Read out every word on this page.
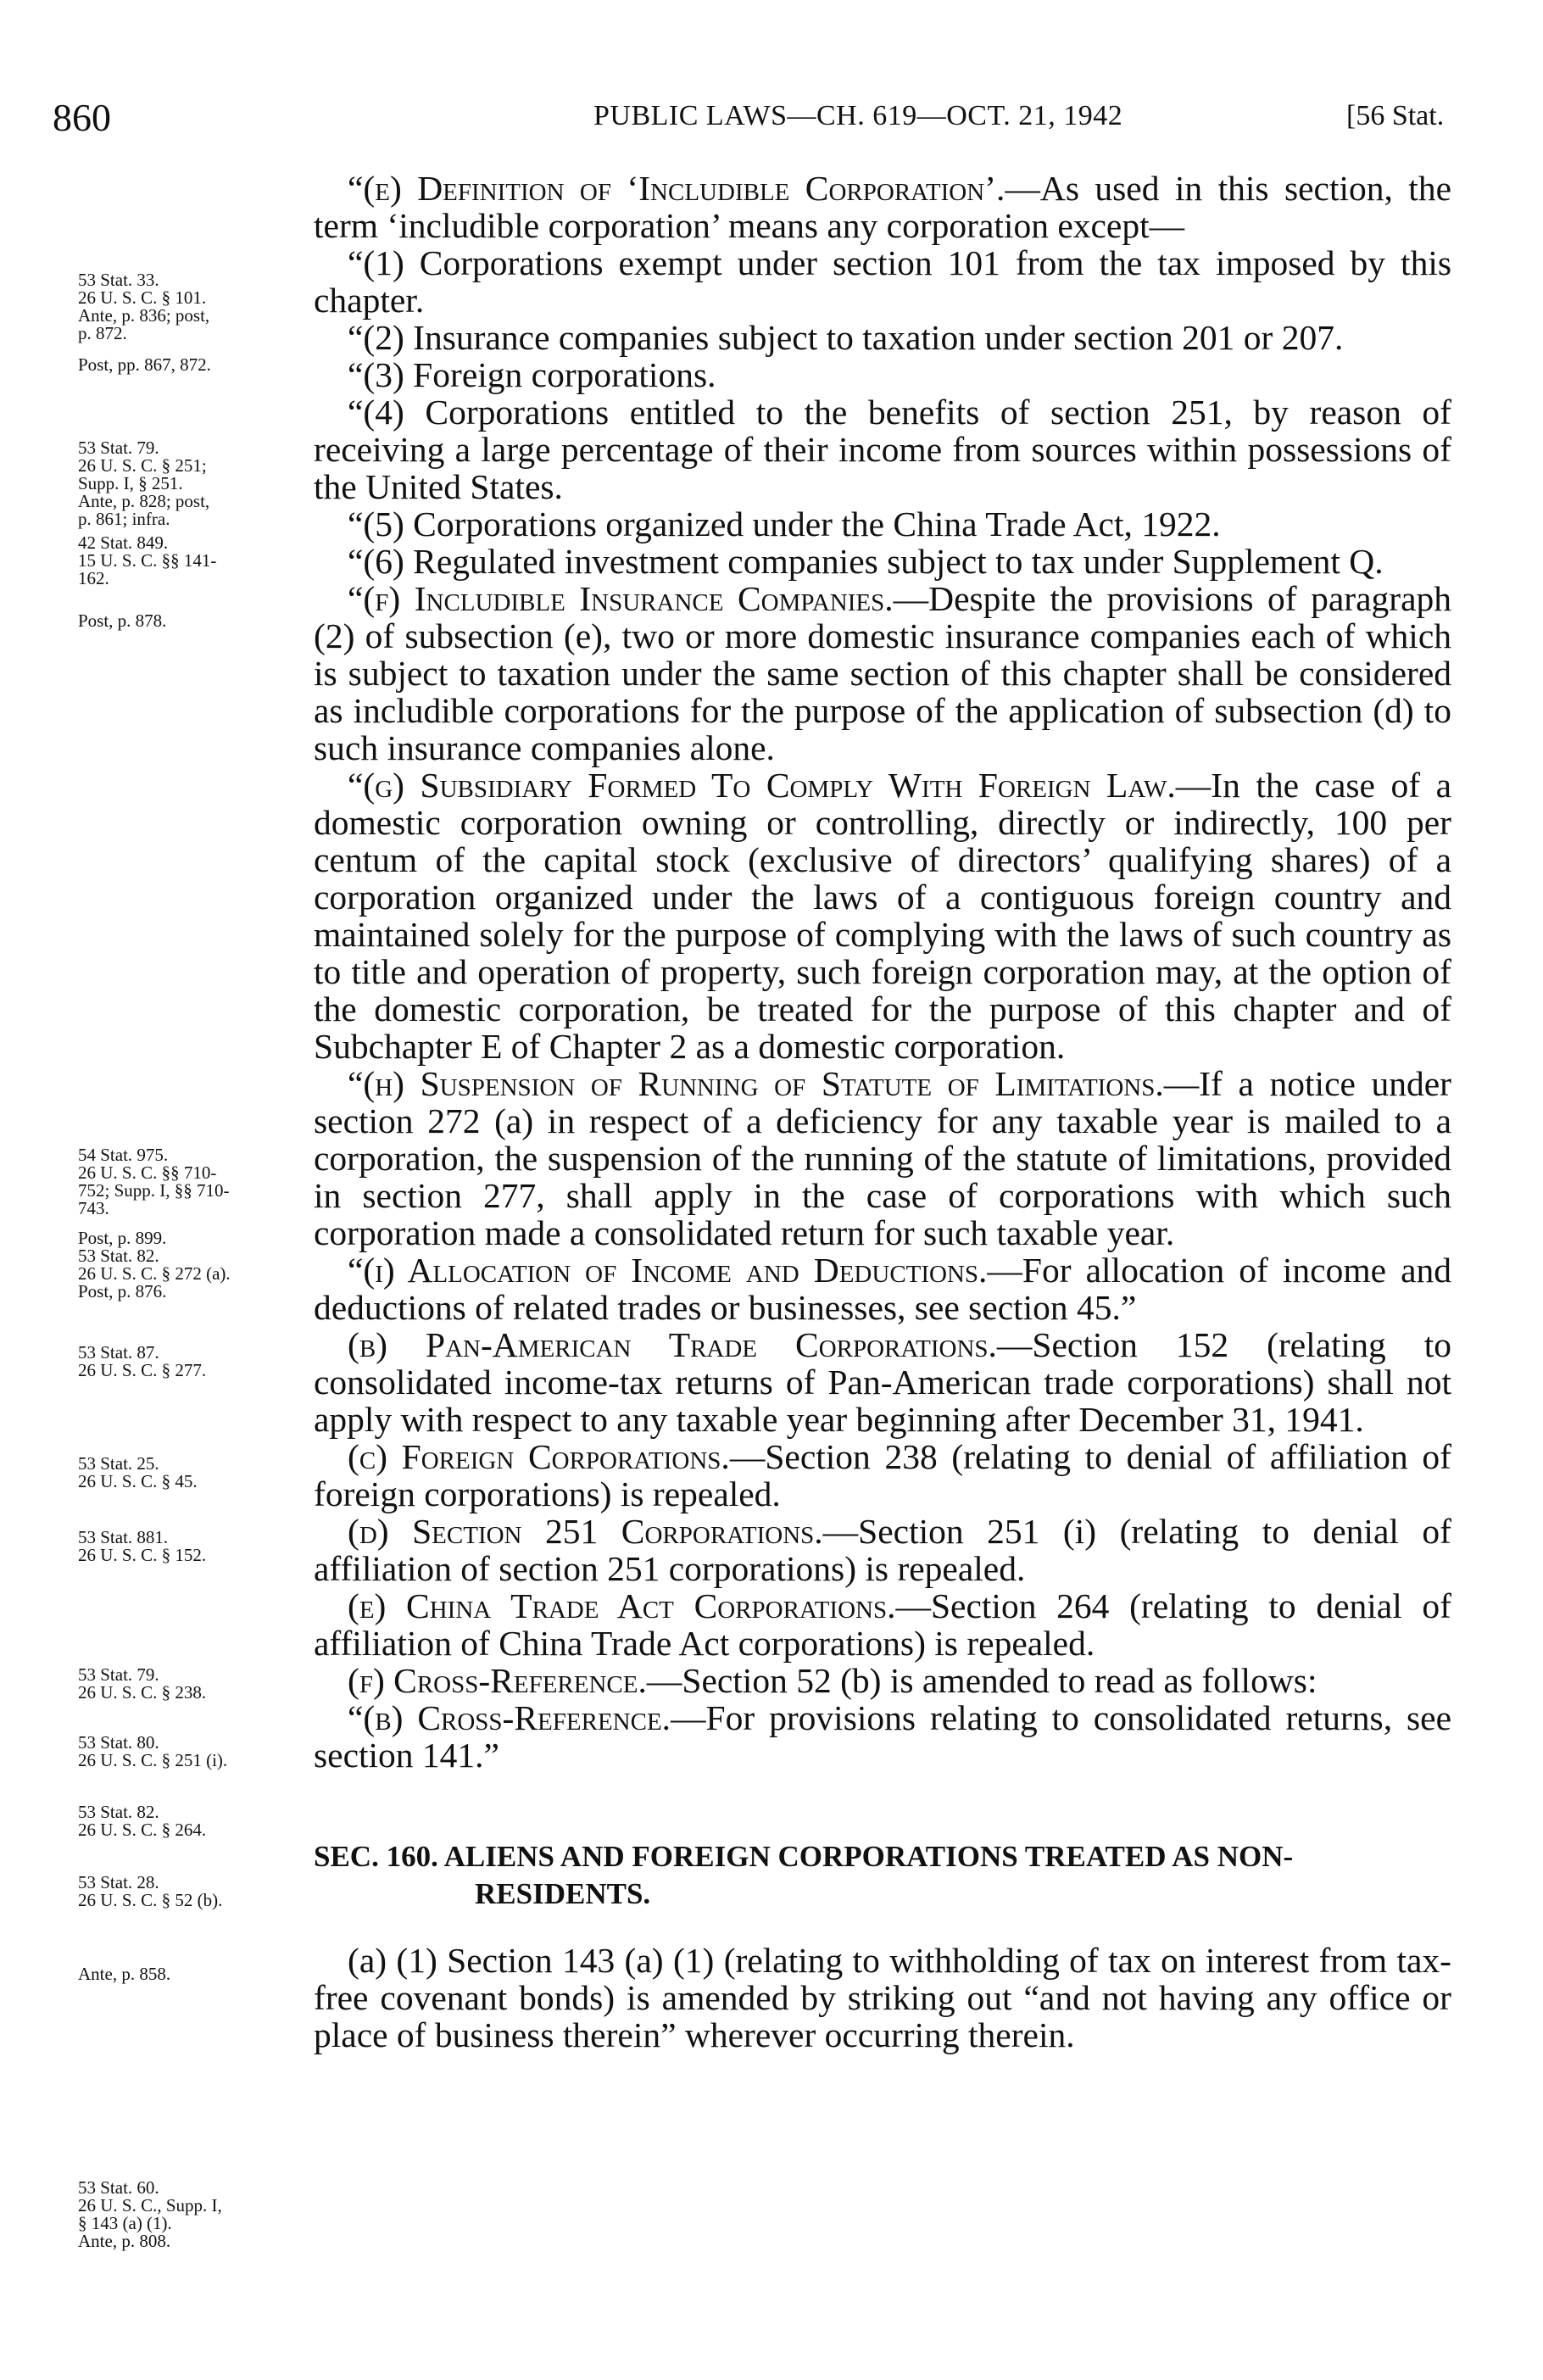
860	PUBLIC LAWS—CH. 619—OCT. 21, 1942	[56 Stat.
53 Stat. 33.
26 U. S. C. § 101.
Ante, p. 836; post,
p. 872.
Post, pp. 867, 872.
53 Stat. 79.
26 U. S. C. § 251;
Supp. I, § 251.
Ante, p. 828; post,
p. 861; infra.
42 Stat. 849.
15 U. S. C. §§ 141-
162.
Post, p. 878.
54 Stat. 975.
26 U. S. C. §§ 710-
752; Supp. I, §§ 710-
743.
Post, p. 899.
53 Stat. 82.
26 U. S. C. § 272 (a).
Post, p. 876.
53 Stat. 87.
26 U. S. C. § 277.
53 Stat. 25.
26 U. S. C. § 45.
53 Stat. 881.
26 U. S. C. § 152.
53 Stat. 79.
26 U. S. C. § 238.
53 Stat. 80.
26 U. S. C. § 251 (i).
53 Stat. 82.
26 U. S. C. § 264.
53 Stat. 28.
26 U. S. C. § 52 (b).
Ante, p. 858.
53 Stat. 60.
26 U. S. C., Supp. I,
§ 143 (a) (1).
Ante, p. 808.

“(e) Definition of ‘Includible Corporation’.—As used in this section, the term ‘includible corporation’ means any corporation except—

“(1) Corporations exempt under section 101 from the tax imposed by this chapter.

“(2) Insurance companies subject to taxation under section 201 or 207.

“(3) Foreign corporations.

“(4) Corporations entitled to the benefits of section 251, by reason of receiving a large percentage of their income from sources within possessions of the United States.

“(5) Corporations organized under the China Trade Act, 1922.

“(6) Regulated investment companies subject to tax under Supplement Q.

“(f) Includible Insurance Companies.—Despite the provisions of paragraph (2) of subsection (e), two or more domestic insurance companies each of which is subject to taxation under the same section of this chapter shall be considered as includible corporations for the purpose of the application of subsection (d) to such insurance companies alone.

“(g) Subsidiary Formed To Comply With Foreign Law.—In the case of a domestic corporation owning or controlling, directly or indirectly, 100 per centum of the capital stock (exclusive of directors’ qualifying shares) of a corporation organized under the laws of a contiguous foreign country and maintained solely for the purpose of complying with the laws of such country as to title and operation of property, such foreign corporation may, at the option of the domestic corporation, be treated for the purpose of this chapter and of Subchapter E of Chapter 2 as a domestic corporation.

“(h) Suspension of Running of Statute of Limitations.—If a notice under section 272 (a) in respect of a deficiency for any taxable year is mailed to a corporation, the suspension of the running of the statute of limitations, provided in section 277, shall apply in the case of corporations with which such corporation made a consolidated return for such taxable year.

“(i) Allocation of Income and Deductions.—For allocation of income and deductions of related trades or businesses, see section 45.”

(b) Pan-American Trade Corporations.—Section 152 (relating to consolidated income-tax returns of Pan-American trade corporations) shall not apply with respect to any taxable year beginning after December 31, 1941.

(c) Foreign Corporations.—Section 238 (relating to denial of affiliation of foreign corporations) is repealed.

(d) Section 251 Corporations.—Section 251 (i) (relating to denial of affiliation of section 251 corporations) is repealed.

(e) China Trade Act Corporations.—Section 264 (relating to denial of affiliation of China Trade Act corporations) is repealed.

(f) Cross-Reference.—Section 52 (b) is amended to read as follows:

“(b) Cross-Reference.—For provisions relating to consolidated returns, see section 141.”

SEC. 160. ALIENS AND FOREIGN CORPORATIONS TREATED AS NON-
RESIDENTS.

(a) (1) Section 143 (a) (1) (relating to withholding of tax on interest from tax-free covenant bonds) is amended by striking out “and not having any office or place of business therein” wherever occurring therein.
